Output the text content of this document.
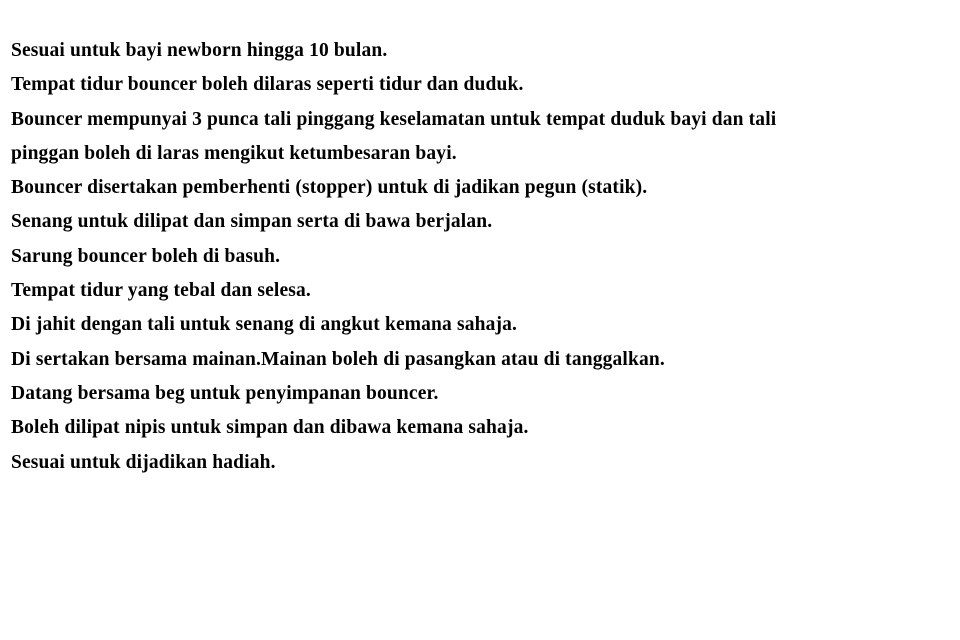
Sesuai untuk bayi newborn hingga 10 bulan.
Tempat tidur bouncer boleh dilaras seperti tidur dan duduk.
Bouncer mempunyai 3 punca tali pinggang keselamatan untuk tempat duduk bayi dan tali
pinggan boleh di laras mengikut ketumbesaran bayi.
Bouncer disertakan pemberhenti (stopper) untuk di jadikan pegun (statik).
Senang untuk dilipat dan simpan serta di bawa berjalan.
Sarung bouncer boleh di basuh.
Tempat tidur yang tebal dan selesa.
Di jahit dengan tali untuk senang di angkut kemana sahaja.
Di sertakan bersama mainan.Mainan boleh di pasangkan atau di tanggalkan.
Datang bersama beg untuk penyimpanan bouncer.
Boleh dilipat nipis untuk simpan dan dibawa kemana sahaja.
Sesuai untuk dijadikan hadiah.
